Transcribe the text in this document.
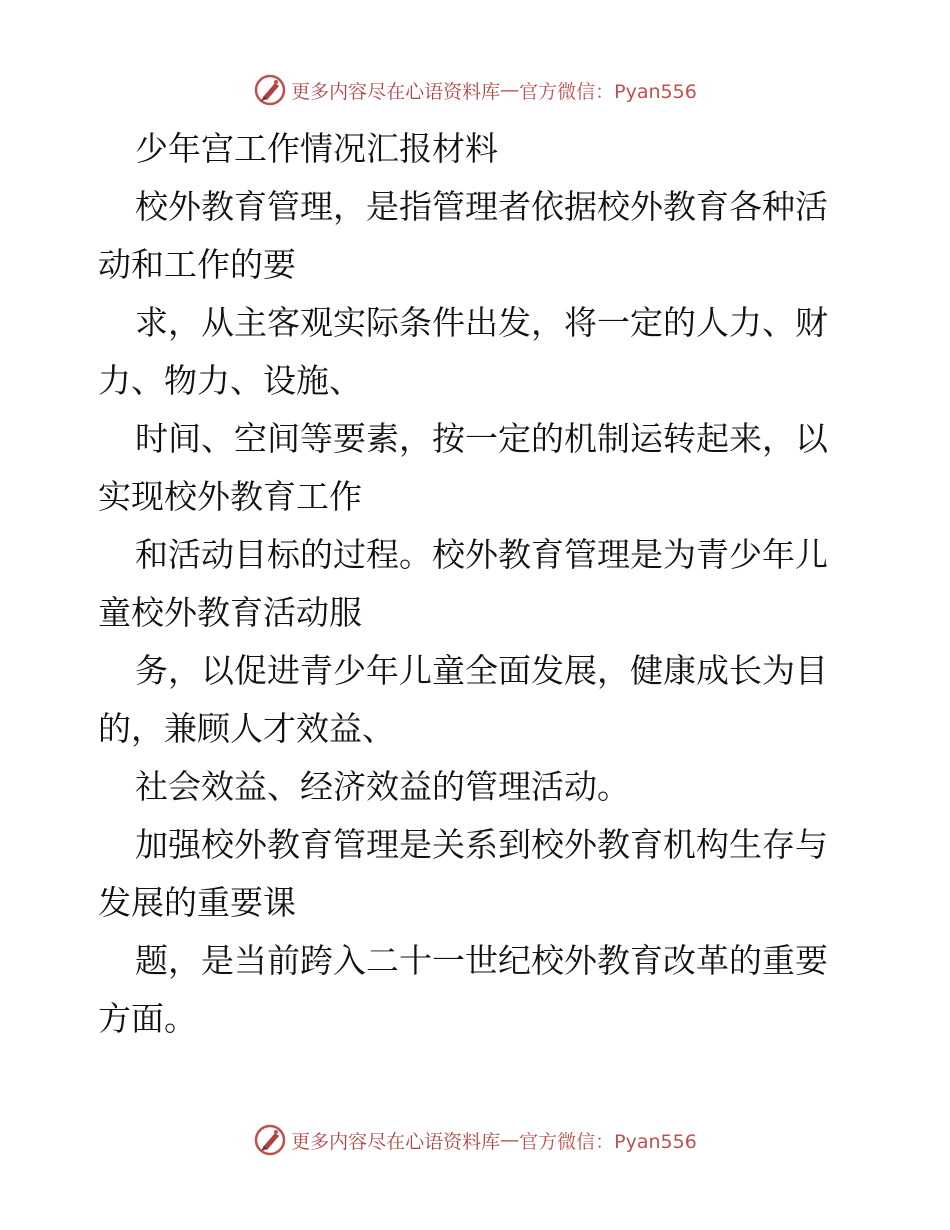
更多内容尽在心语资料库 — 官方微信：Pyan556
少年宫工作情况汇报材料
校外教育管理，是指管理者依据校外教育各种活
动和工作的要
求，从主客观实际条件出发，将一定的人力、财
力、物力、设施、
时间、空间等要素，按一定的机制运转起来，以
实现校外教育工作
和活动目标的过程。校外教育管理是为青少年儿
童校外教育活动服
务，以促进青少年儿童全面发展，健康成长为目
的，兼顾人才效益、
社会效益、经济效益的管理活动。
加强校外教育管理是关系到校外教育机构生存与
发展的重要课
题，是当前跨入二十一世纪校外教育改革的重要
方面。
更多内容尽在心语资料库 — 官方微信：Pyan556
